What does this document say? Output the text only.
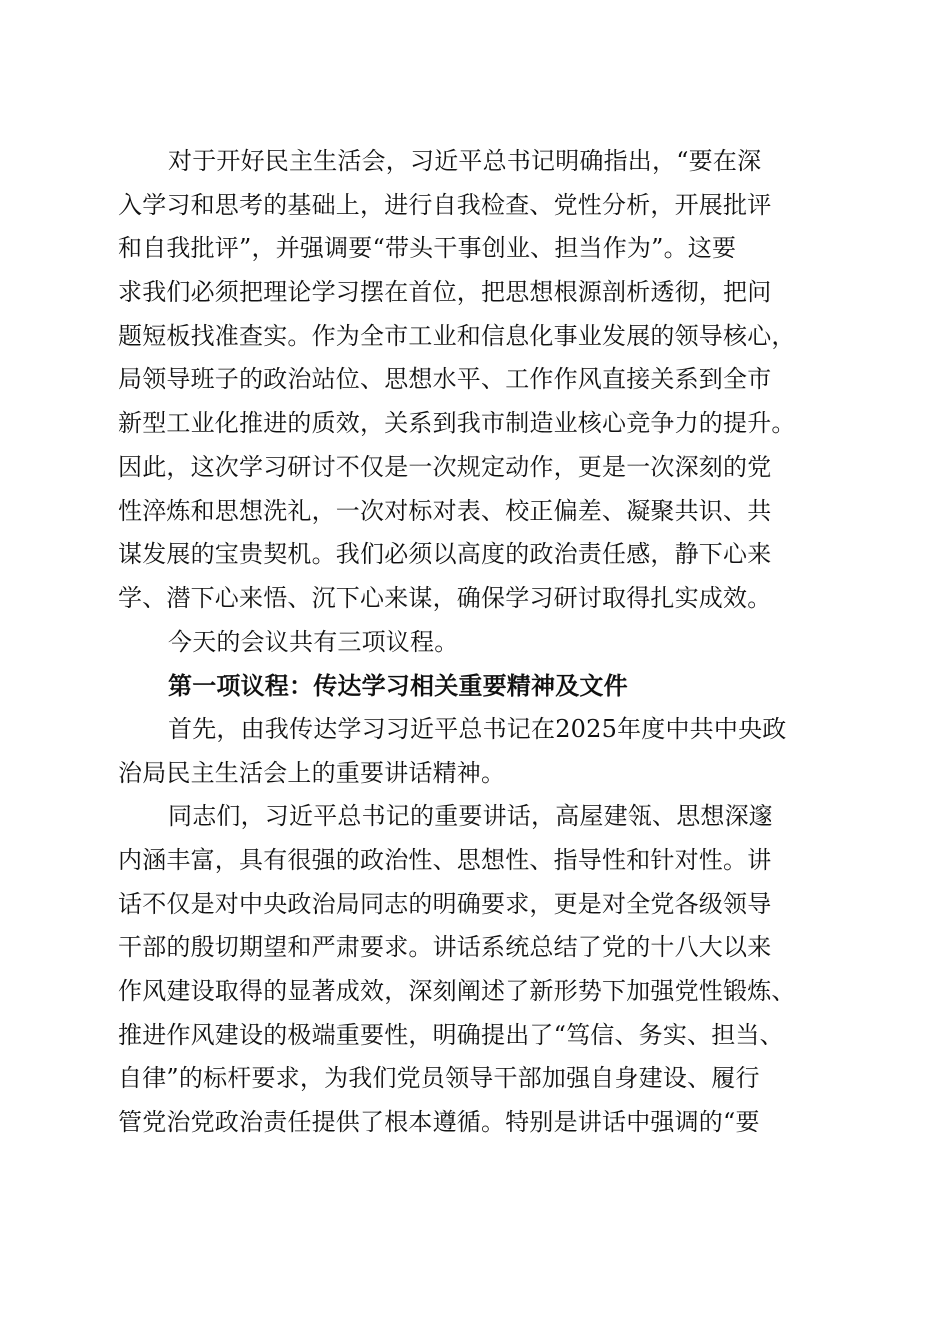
对于开好民主生活会，习近平总书记明确指出，“要在深
入学习和思考的基础上，进行自我检查、党性分析，开展批评
和自我批评”，并强调要“带头干事创业、担当作为”。这要
求我们必须把理论学习摆在首位，把思想根源剖析透彻，把问
题短板找准查实。作为全市工业和信息化事业发展的领导核心，
局领导班子的政治站位、思想水平、工作作风直接关系到全市
新型工业化推进的质效，关系到我市制造业核心竞争力的提升。
因此，这次学习研讨不仅是一次规定动作，更是一次深刻的党
性淬炼和思想洗礼，一次对标对表、校正偏差、凝聚共识、共
谋发展的宝贵契机。我们必须以高度的政治责任感，静下心来
学、潜下心来悟、沉下心来谋，确保学习研讨取得扎实成效。
今天的会议共有三项议程。
第一项议程：传达学习相关重要精神及文件
首先，由我传达学习习近平总书记在2025年度中共中央政
治局民主生活会上的重要讲话精神。
同志们，习近平总书记的重要讲话，高屋建瓴、思想深邃
内涵丰富，具有很强的政治性、思想性、指导性和针对性。讲
话不仅是对中央政治局同志的明确要求，更是对全党各级领导
干部的殷切期望和严肃要求。讲话系统总结了党的十八大以来
作风建设取得的显著成效，深刻阐述了新形势下加强党性锻炼、
推进作风建设的极端重要性，明确提出了“笃信、务实、担当、
自律”的标杆要求，为我们党员领导干部加强自身建设、履行
管党治党政治责任提供了根本遵循。特别是讲话中强调的“要
